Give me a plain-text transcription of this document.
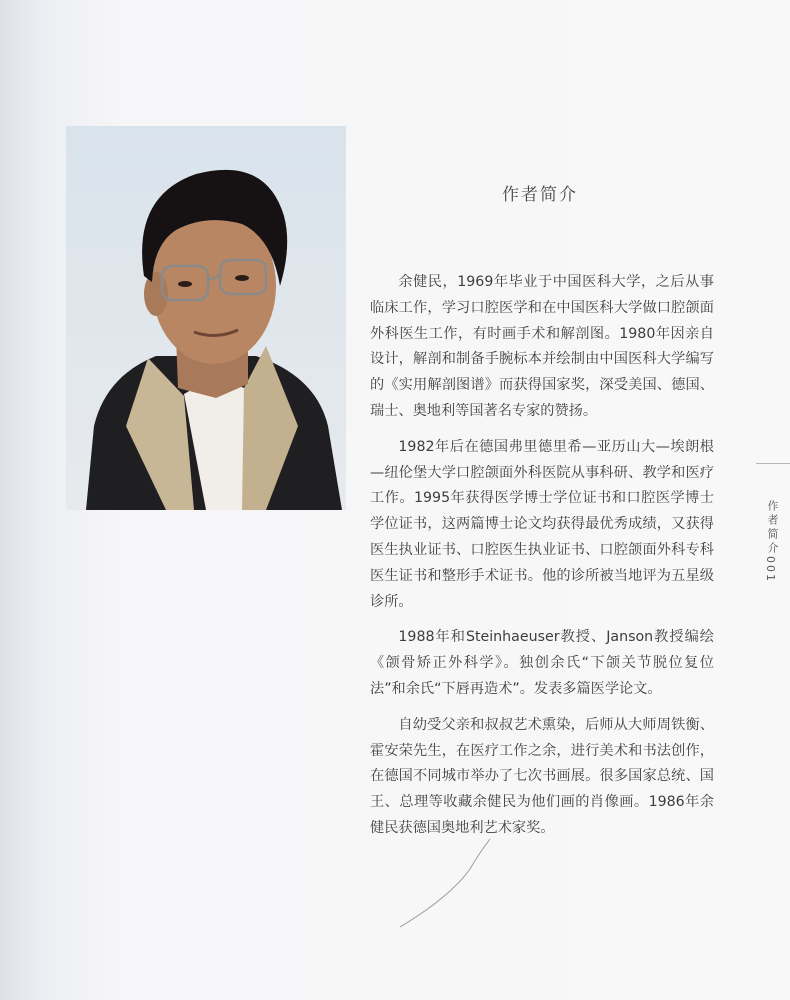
作者简介

余健民，1969年毕业于中国医科大学，之后从事临床工作，学习口腔医学和在中国医科大学做口腔颌面外科医生工作，有时画手术和解剖图。1980年因亲自设计，解剖和制备手腕标本并绘制由中国医科大学编写的《实用解剖图谱》而获得国家奖，深受美国、德国、瑞士、奥地利等国著名专家的赞扬。

1982年后在德国弗里德里希—亚历山大—埃朗根—纽伦堡大学口腔颌面外科医院从事科研、教学和医疗工作。1995年获得医学博士学位证书和口腔医学博士学位证书，这两篇博士论文均获得最优秀成绩，又获得医生执业证书、口腔医生执业证书、口腔颌面外科专科医生证书和整形手术证书。他的诊所被当地评为五星级诊所。

1988年和Steinhaeuser教授、Janson教授编绘《颌骨矫正外科学》。独创余氏“下颌关节脱位复位法”和余氏“下唇再造术”。发表多篇医学论文。

自幼受父亲和叔叔艺术熏染，后师从大师周铁衡、霍安荣先生，在医疗工作之余，进行美术和书法创作，在德国不同城市举办了七次书画展。很多国家总统、国王、总理等收藏余健民为他们画的肖像画。1986年余健民获德国奥地利艺术家奖。

作者简介
001
